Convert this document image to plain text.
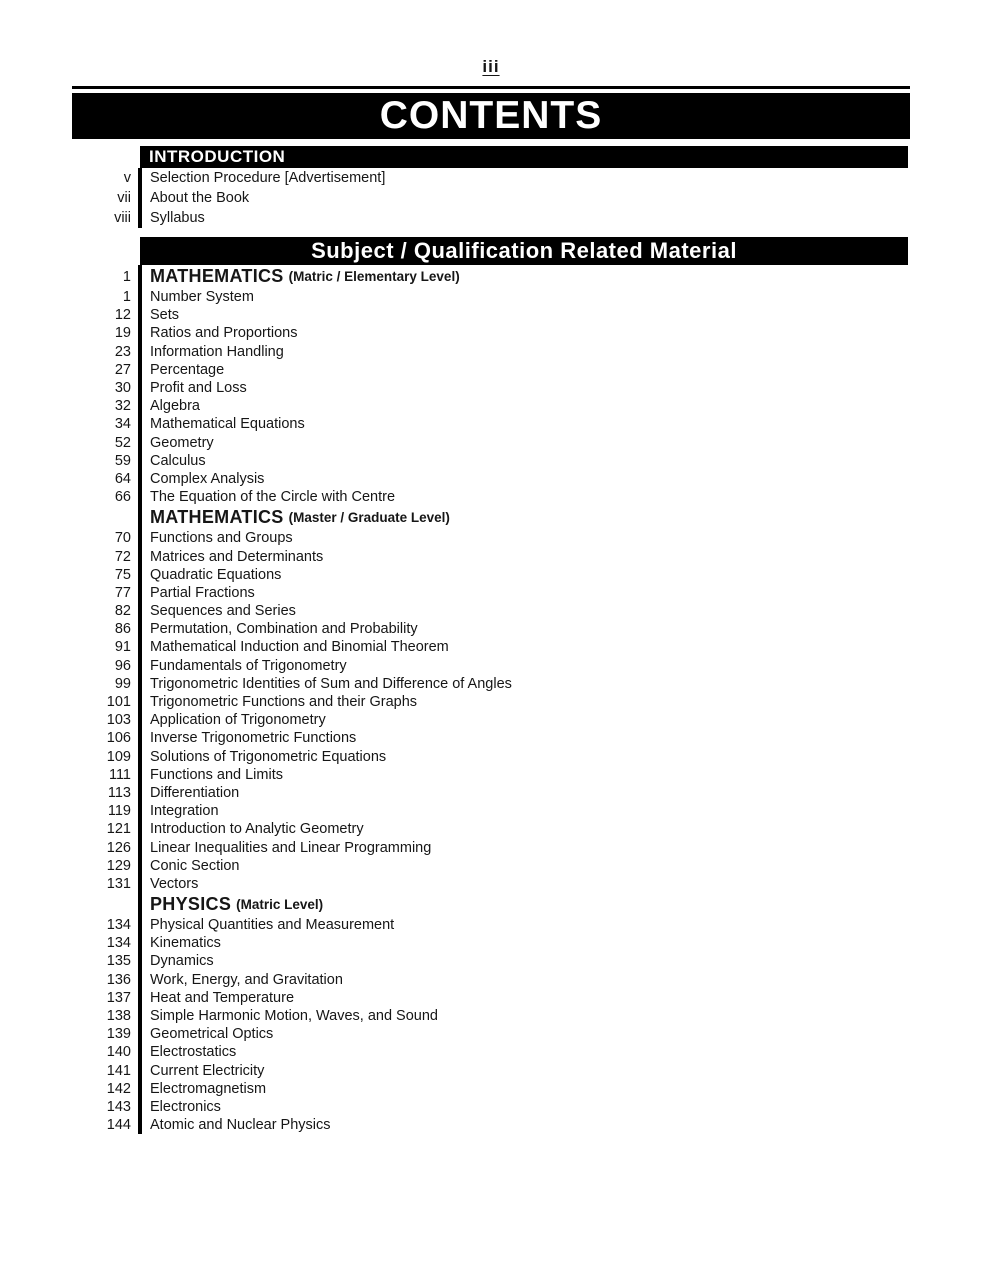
iii
CONTENTS
INTRODUCTION
v	Selection Procedure [Advertisement]
vii	About the Book
viii	Syllabus
Subject / Qualification Related Material
1	MATHEMATICS (Matric / Elementary Level)
1	Number System
12	Sets
19	Ratios and Proportions
23	Information Handling
27	Percentage
30	Profit and Loss
32	Algebra
34	Mathematical Equations
52	Geometry
59	Calculus
64	Complex Analysis
66	The Equation of the Circle with Centre
MATHEMATICS (Master / Graduate Level)
70	Functions and Groups
72	Matrices and Determinants
75	Quadratic Equations
77	Partial Fractions
82	Sequences and Series
86	Permutation, Combination and Probability
91	Mathematical Induction and Binomial Theorem
96	Fundamentals of Trigonometry
99	Trigonometric Identities of Sum and Difference of Angles
101	Trigonometric Functions and their Graphs
103	Application of Trigonometry
106	Inverse Trigonometric Functions
109	Solutions of Trigonometric Equations
111	Functions and Limits
113	Differentiation
119	Integration
121	Introduction to Analytic Geometry
126	Linear Inequalities and Linear Programming
129	Conic Section
131	Vectors
PHYSICS (Matric Level)
134	Physical Quantities and Measurement
134	Kinematics
135	Dynamics
136	Work, Energy, and Gravitation
137	Heat and Temperature
138	Simple Harmonic Motion, Waves, and Sound
139	Geometrical Optics
140	Electrostatics
141	Current Electricity
142	Electromagnetism
143	Electronics
144	Atomic and Nuclear Physics
